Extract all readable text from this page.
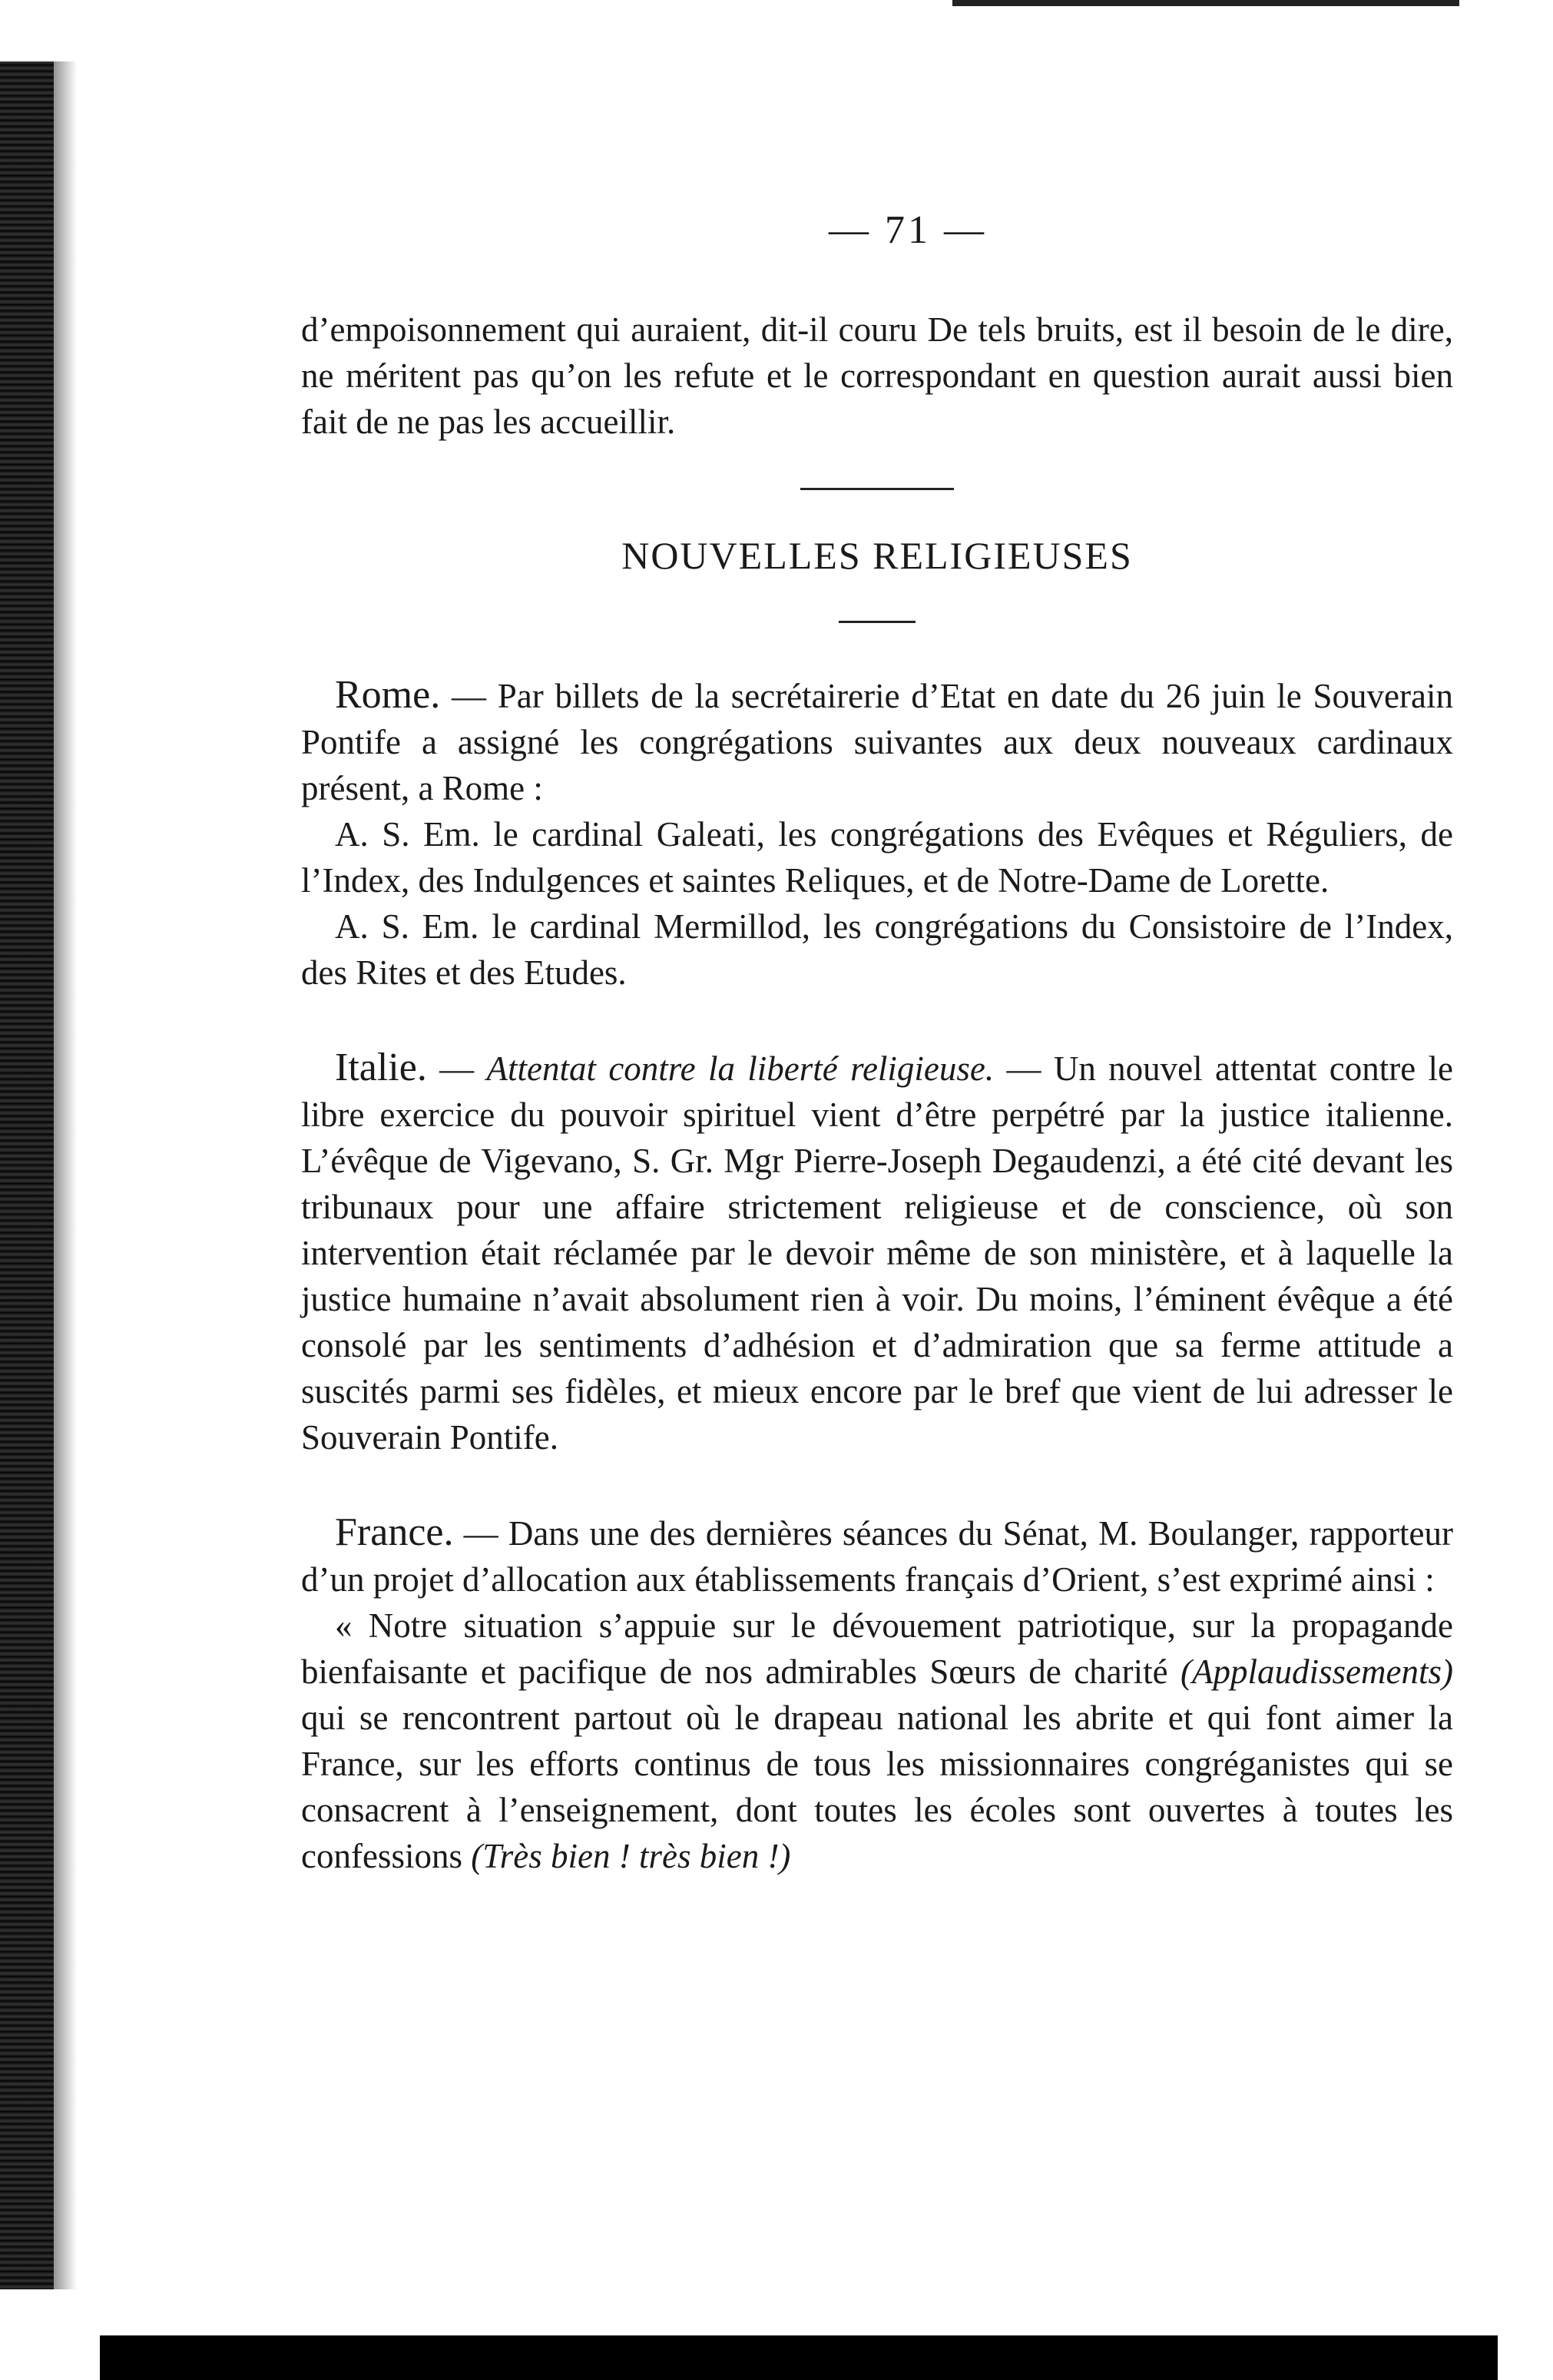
— 71 —

d’empoisonnement qui auraient, dit-il couru De tels bruits, est il besoin de le dire, ne méritent pas qu’on les refute et le correspondant en question aurait aussi bien fait de ne pas les accueillir.

NOUVELLES RELIGIEUSES

Rome. — Par billets de la secrétairerie d’Etat en date du 26 juin le Souverain Pontife a assigné les congrégations suivantes aux deux nouveaux cardinaux présent, a Rome :

A. S. Em. le cardinal Galeati, les congrégations des Evêques et Réguliers, de l’Index, des Indulgences et saintes Reliques, et de Notre-Dame de Lorette.

A. S. Em. le cardinal Mermillod, les congrégations du Consistoire de l’Index, des Rites et des Etudes.

Italie. — Attentat contre la liberté religieuse. — Un nouvel attentat contre le libre exercice du pouvoir spirituel vient d’être perpétré par la justice italienne. L’évêque de Vigevano, S. Gr. Mgr Pierre-Joseph Degaudenzi, a été cité devant les tribunaux pour une affaire strictement religieuse et de conscience, où son intervention était réclamée par le devoir même de son ministère, et à laquelle la justice humaine n’avait absolument rien à voir. Du moins, l’éminent évêque a été consolé par les sentiments d’adhésion et d’admiration que sa ferme attitude a suscités parmi ses fidèles, et mieux encore par le bref que vient de lui adresser le Souverain Pontife.

France. — Dans une des dernières séances du Sénat, M. Boulanger, rapporteur d’un projet d’allocation aux établissements français d’Orient, s’est exprimé ainsi :

« Notre situation s’appuie sur le dévouement patriotique, sur la propagande bienfaisante et pacifique de nos admirables Sœurs de charité (Applaudissements) qui se rencontrent partout où le drapeau national les abrite et qui font aimer la France, sur les efforts continus de tous les missionnaires congréganistes qui se consacrent à l’enseignement, dont toutes les écoles sont ouvertes à toutes les confessions (Très bien ! très bien !)
